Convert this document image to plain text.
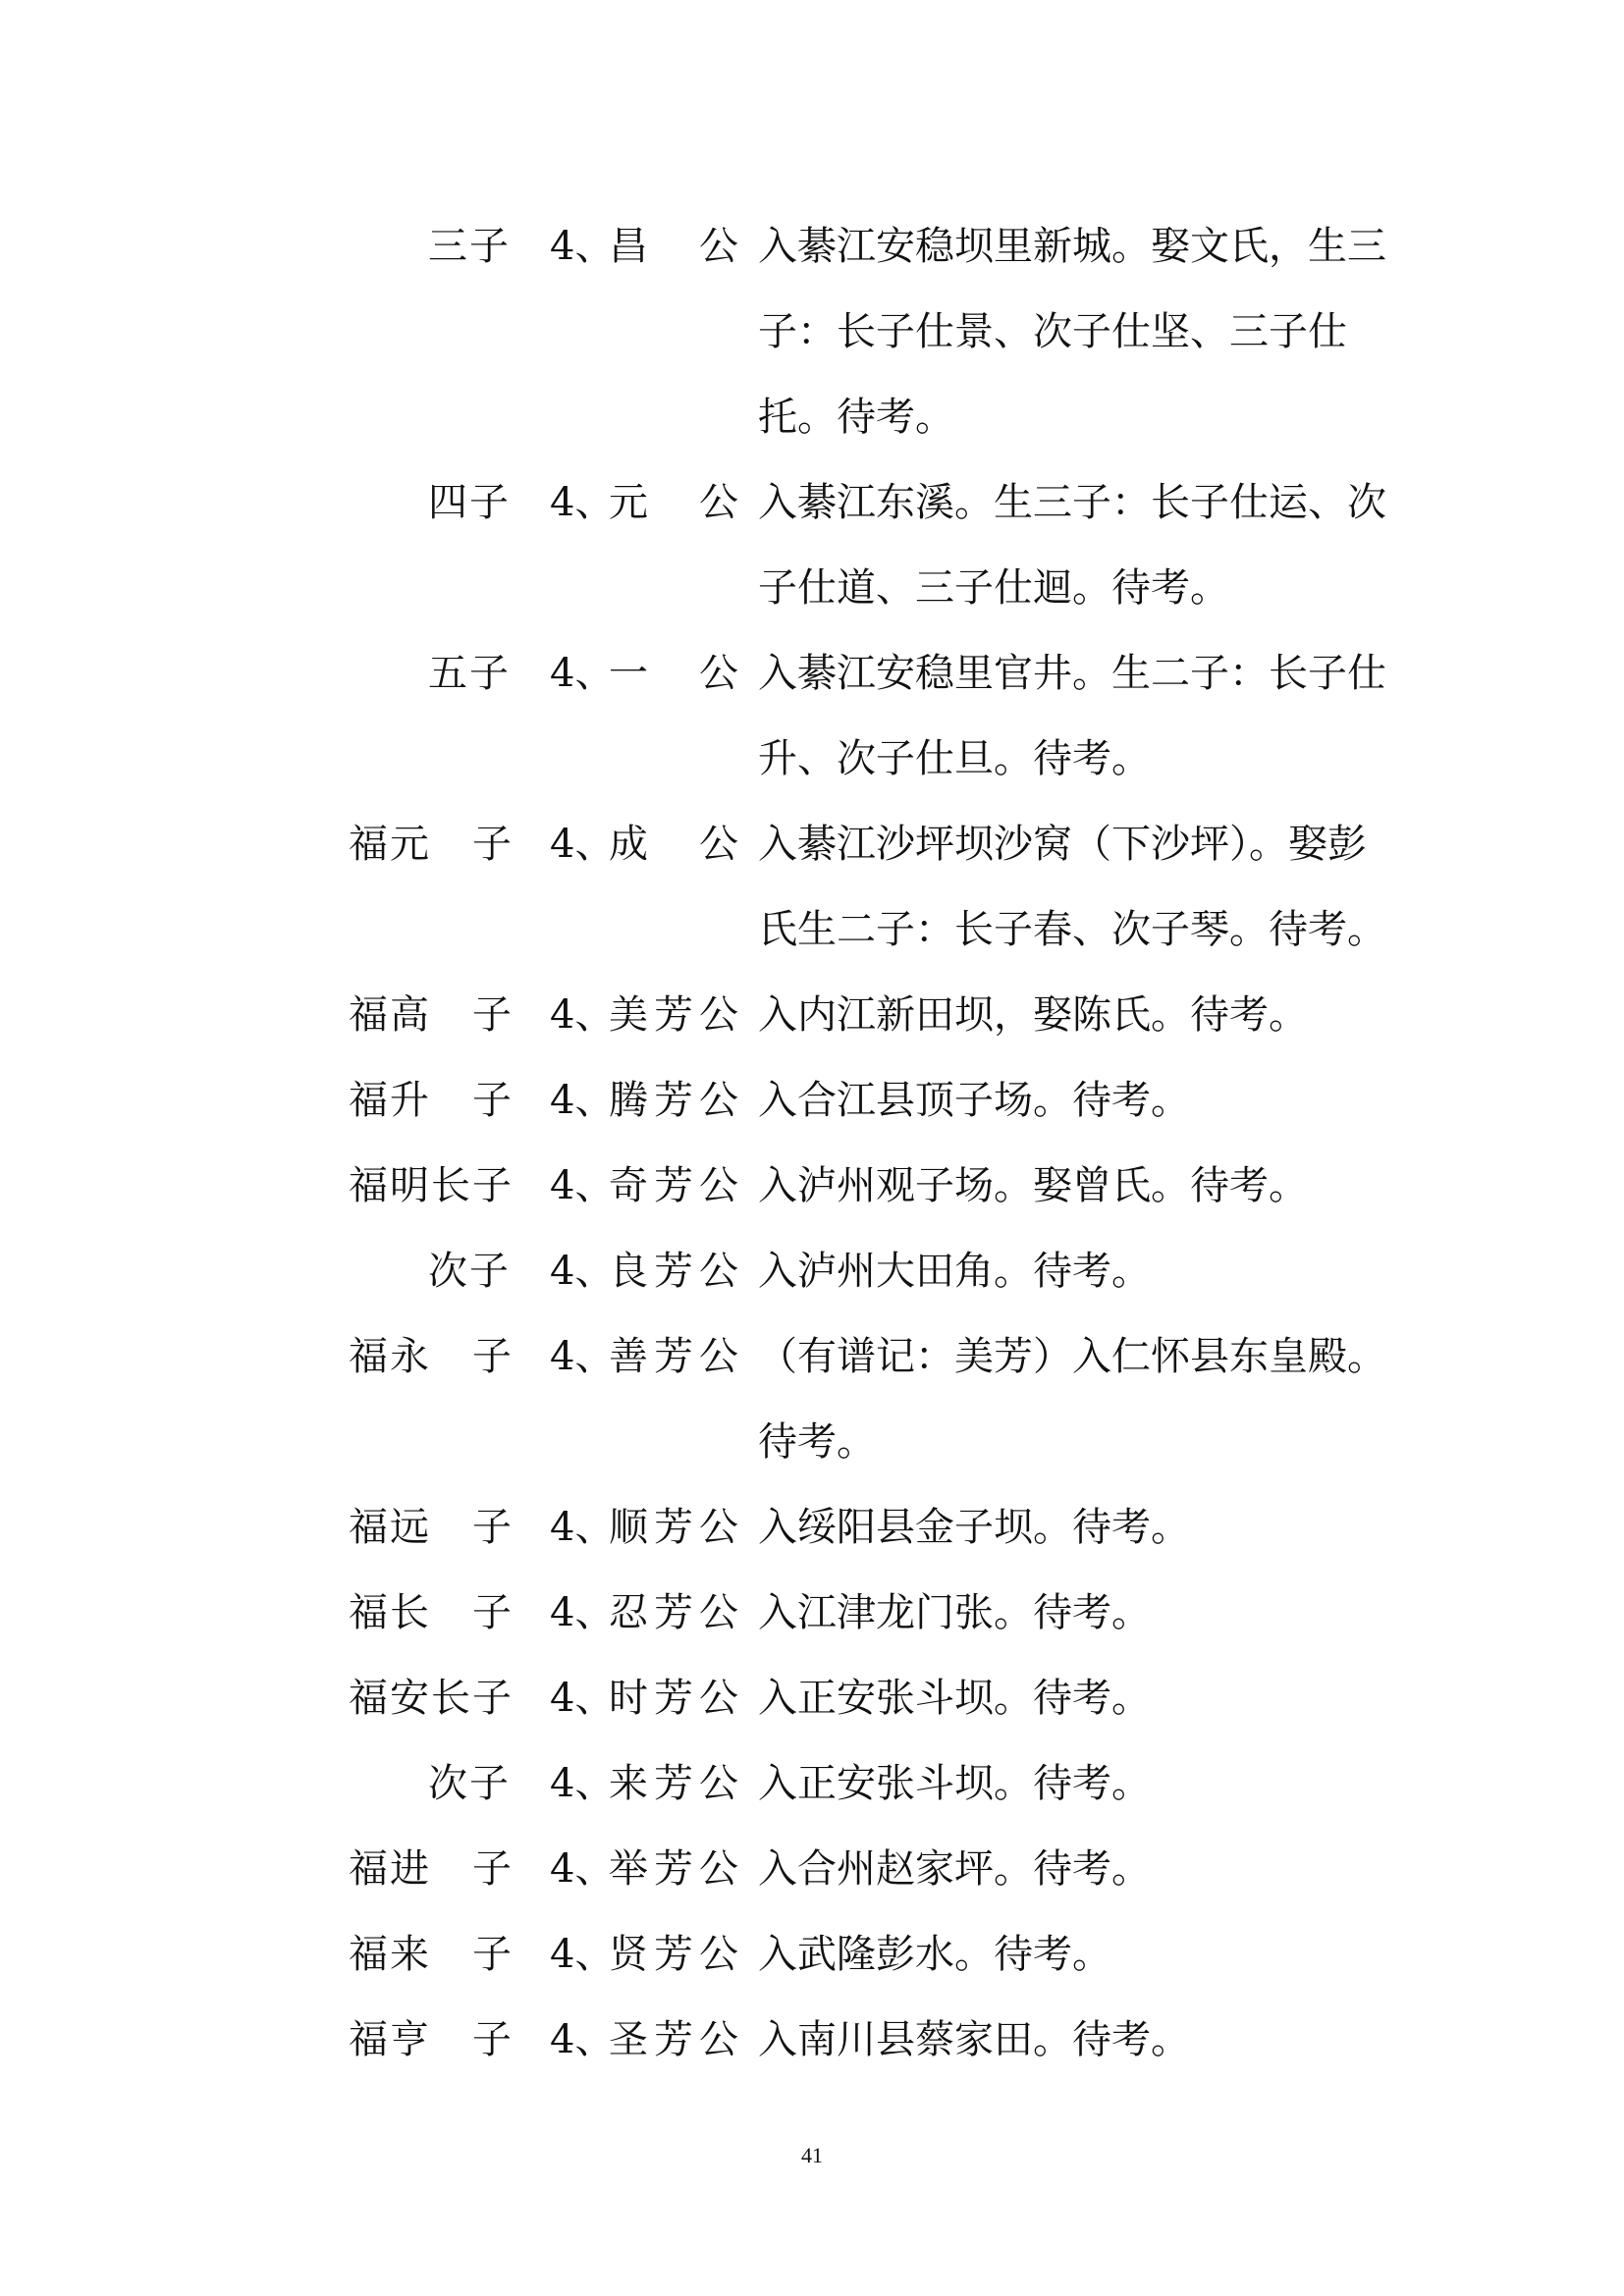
三子 4、
昌　公 入綦江安稳坝里新城。娶文氏，生三子：长子仕景、次子仕坚、三子仕托。待考。
四子 4、
元　公 入綦江东溪。生三子：长子仕运、次子仕道、三子仕迴。待考。
五子 4、
一　公 入綦江安稳里官井。生二子：长子仕升、次子仕旦。待考。
福元　子 4、
成　公 入綦江沙坪坝沙窝（下沙坪）。娶彭氏生二子：长子春、次子琴。待考。
福高　子 4、
美芳公 入内江新田坝，娶陈氏。待考。
福升　子 4、
腾芳公 入合江县顶子场。待考。
福明长子 4、
奇芳公 入泸州观子场。娶曾氏。待考。
次子 4、
良芳公 入泸州大田角。待考。
福永　子 4、
善芳公 （有谱记：美芳）入仁怀县东皇殿。待考。
福远　子 4、
顺芳公 入绥阳县金子坝。待考。
福长　子 4、
忍芳公 入江津龙门张。待考。
福安长子 4、
时芳公 入正安张斗坝。待考。
次子 4、
来芳公 入正安张斗坝。待考。
福进　子 4、
举芳公 入合州赵家坪。待考。
福来　子 4、
贤芳公 入武隆彭水。待考。
福亨　子 4、
圣芳公 入南川县蔡家田。待考。
41
